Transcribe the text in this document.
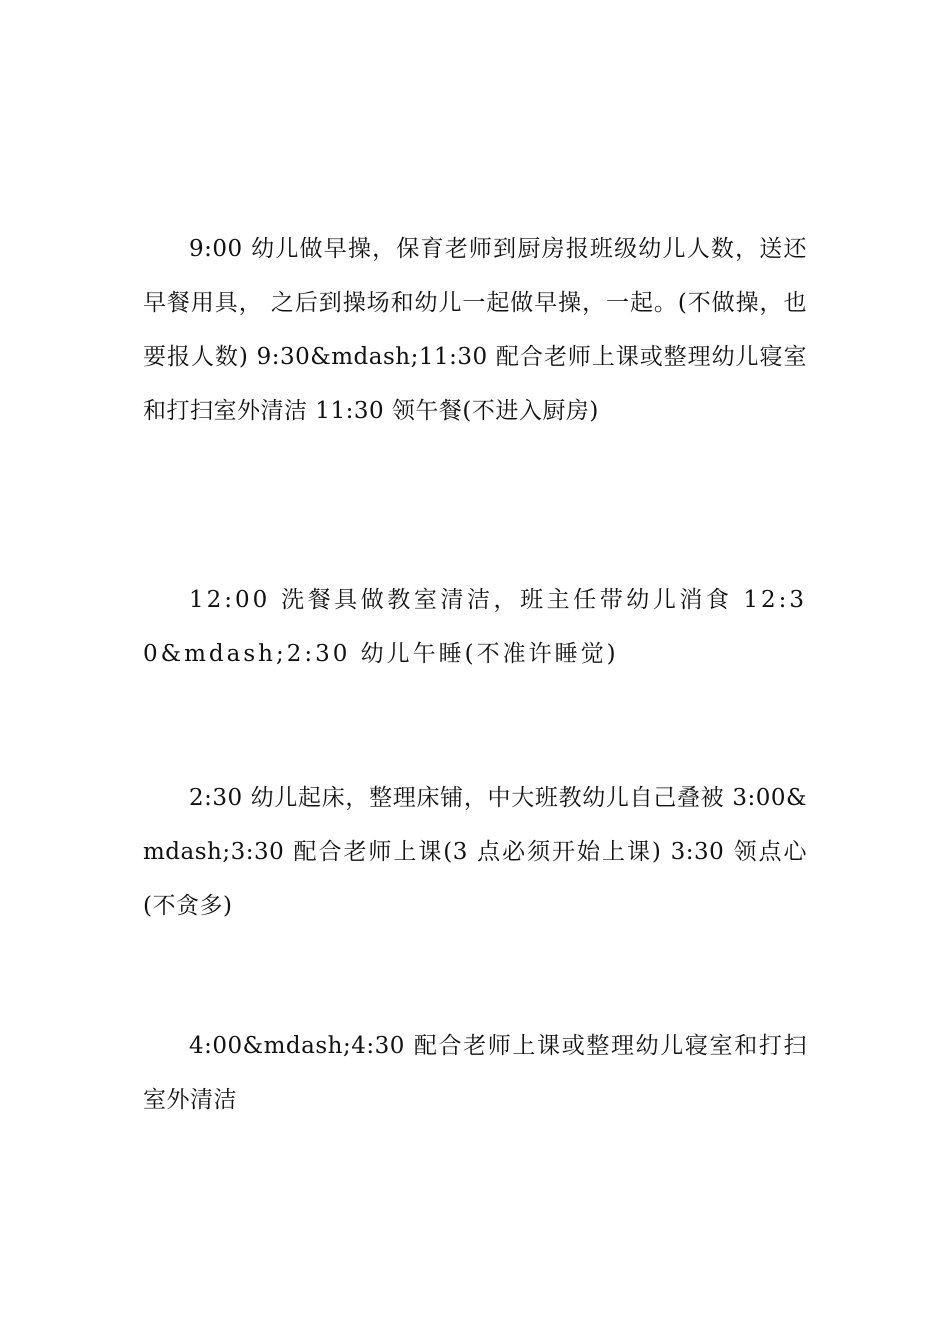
9:00 幼儿做早操，保育老师到厨房报班级幼儿人数，送还早餐用具， 之后到操场和幼儿一起做早操，一起。(不做操，也要报人数) 9:30&mdash;11:30 配合老师上课或整理幼儿寝室和打扫室外清洁 11:30 领午餐(不进入厨房)

12:00 洗餐具做教室清洁，班主任带幼儿消食 12:30&mdash;2:30 幼儿午睡(不准许睡觉)

2:30 幼儿起床，整理床铺，中大班教幼儿自己叠被 3:00&mdash;3:30 配合老师上课(3 点必须开始上课) 3:30 领点心(不贪多)

4:00&mdash;4:30 配合老师上课或整理幼儿寝室和打扫室外清洁
